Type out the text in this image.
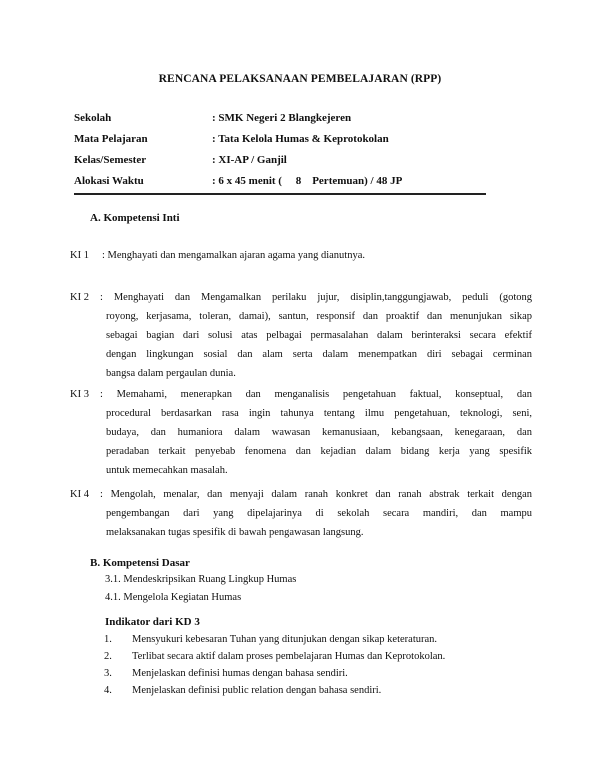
RENCANA PELAKSANAAN PEMBELAJARAN (RPP)
Sekolah	: SMK Negeri 2 Blangkejeren
Mata Pelajaran	: Tata Kelola Humas & Keprotokolan
Kelas/Semester	: XI-AP / Ganjil
Alokasi Waktu	: 6 x 45 menit (     8    Pertemuan) / 48 JP
A. Kompetensi Inti
KI 1 : Menghayati dan mengamalkan ajaran agama yang dianutnya.
KI 2	: Menghayati dan Mengamalkan perilaku jujur, disiplin,tanggungjawab, peduli (gotong
royong, kerjasama, toleran, damai), santun, responsif dan proaktif dan menunjukan sikap
sebagai bagian dari solusi atas pelbagai permasalahan dalam berinteraksi secara efektif
dengan lingkungan sosial dan alam serta dalam menempatkan diri sebagai cerminan
bangsa dalam pergaulan dunia.
KI 3	: Memahami, menerapkan dan menganalisis pengetahuan faktual, konseptual, dan
procedural berdasarkan rasa ingin tahunya tentang ilmu pengetahuan, teknologi, seni,
budaya, dan humaniora dalam wawasan kemanusiaan, kebangsaan, kenegaraan, dan
peradaban terkait penyebab fenomena dan kejadian dalam bidang kerja yang spesifik
untuk memecahkan masalah.
KI 4	: Mengolah, menalar, dan menyaji dalam ranah konkret dan ranah abstrak terkait dengan
pengembangan dari yang dipelajarinya di sekolah secara mandiri, dan mampu
melaksanakan tugas spesifik di bawah pengawasan langsung.
B. Kompetensi Dasar
3.1. Mendeskripsikan Ruang Lingkup Humas
4.1. Mengelola Kegiatan Humas
Indikator dari KD 3
1. Mensyukuri kebesaran Tuhan yang ditunjukan dengan sikap keteraturan.
2. Terlibat secara aktif dalam proses pembelajaran Humas dan Keprotokolan.
3. Menjelaskan definisi humas dengan bahasa sendiri.
4. Menjelaskan definisi public relation dengan bahasa sendiri.
